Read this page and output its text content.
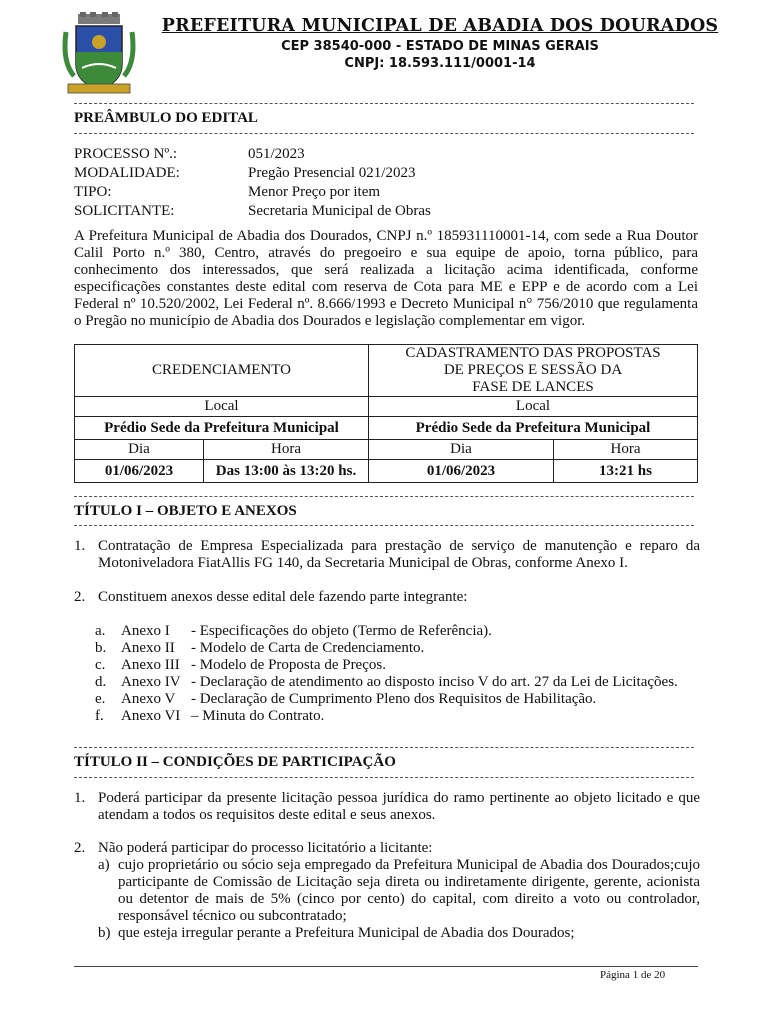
PREFEITURA MUNICIPAL DE ABADIA DOS DOURADOS
CEP 38540-000 - ESTADO DE MINAS GERAIS
CNPJ: 18.593.111/0001-14
PREÂMBULO DO EDITAL
PROCESSO Nº.:	051/2023
MODALIDADE:	Pregão Presencial 021/2023
TIPO:	Menor Preço por item
SOLICITANTE:	Secretaria Municipal de Obras
A Prefeitura Municipal de Abadia dos Dourados, CNPJ n.º 185931110001-14, com sede a Rua Doutor Calil Porto n.º 380, Centro, através do pregoeiro e sua equipe de apoio, torna público, para conhecimento dos interessados, que será realizada a licitação acima identificada, conforme especificações constantes deste edital com reserva de Cota para ME e EPP e de acordo com a Lei Federal nº 10.520/2002, Lei Federal nº. 8.666/1993 e Decreto Municipal n° 756/2010 que regulamenta o Pregão no município de Abadia dos Dourados e legislação complementar em vigor.
CREDENCIAMENTO		CADASTRAMENTO DAS PROPOSTAS
DE PREÇOS E SESSÃO DA
FASE DE LANCES	

Local		Local	
Prédio Sede da Prefeitura Municipal		Prédio Sede da Prefeitura Municipal	
Dia	Hora	Dia	Hora
01/06/2023	Das 13:00 às 13:20 hs.	01/06/2023	13:21 hs
TÍTULO I – OBJETO E ANEXOS
1. Contratação de Empresa Especializada para prestação de serviço de manutenção e reparo da Motoniveladora FiatAllis FG 140, da Secretaria Municipal de Obras, conforme Anexo I.
2. Constituem anexos desse edital dele fazendo parte integrante:
a.	Anexo I	- Especificações do objeto (Termo de Referência).
b. Anexo II	- Modelo de Carta de Credenciamento.
c.	Anexo III - Modelo de Proposta de Preços.
d. Anexo IV - Declaração de atendimento ao disposto inciso V do art. 27 da Lei de Licitações.
e.	Anexo V	- Declaração de Cumprimento Pleno dos Requisitos de Habilitação.
f.	Anexo VI – Minuta do Contrato.
TÍTULO II – CONDIÇÕES DE PARTICIPAÇÃO
1. Poderá participar da presente licitação pessoa jurídica do ramo pertinente ao objeto licitado e que atendam a todos os requisitos deste edital e seus anexos.
2. Não poderá participar do processo licitatório a licitante:
a) cujo proprietário ou sócio seja empregado da Prefeitura Municipal de Abadia dos Dourados;cujo participante de Comissão de Licitação seja direta ou indiretamente dirigente, gerente, acionista ou detentor de mais de 5% (cinco por cento) do capital, com direito a voto ou controlador, responsável técnico ou subcontratado;
b) que esteja irregular perante a Prefeitura Municipal de Abadia dos Dourados;
Página 1 de 20
